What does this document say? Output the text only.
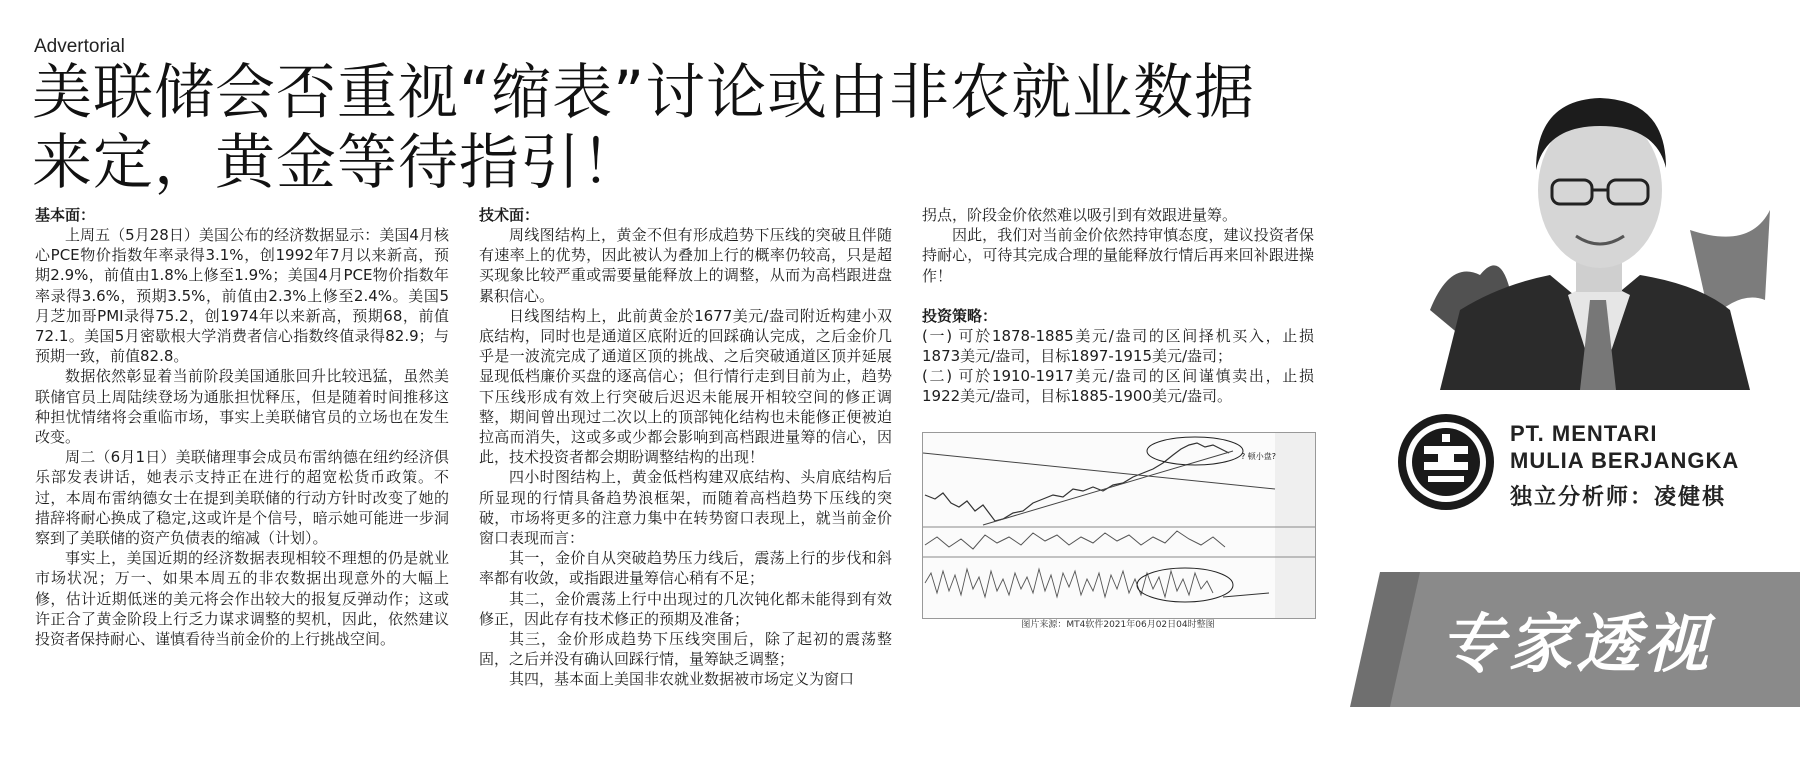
Advertorial
美联储会否重视“缩表”讨论或由非农就业数据
来定，黄金等待指引！
基本面：

上周五（5月28日）美国公布的经济数据显示：美国4月核心PCE物价指数年率录得3.1%，创1992年7月以来新高，预期2.9%，前值由1.8%上修至1.9%；美国4月PCE物价指数年率录得3.6%，预期3.5%，前值由2.3%上修至2.4%。美国5月芝加哥PMI录得75.2，创1974年以来新高，预期68，前值72.1。美国5月密歇根大学消费者信心指数终值录得82.9；与预期一致，前值82.8。

数据依然彰显着当前阶段美国通胀回升比较迅猛，虽然美联储官员上周陆续登场为通胀担忧释压，但是随着时间推移这种担忧情绪将会重临市场，事实上美联储官员的立场也在发生改变。

周二（6月1日）美联储理事会成员布雷纳德在纽约经济俱乐部发表讲话，她表示支持正在进行的超宽松货币政策。不过，本周布雷纳德女士在提到美联储的行动方针时改变了她的措辞将耐心换成了稳定,这或许是个信号，暗示她可能进一步洞察到了美联储的资产负债表的缩减（计划）。

事实上，美国近期的经济数据表现相较不理想的仍是就业市场状况；万一、如果本周五的非农数据出现意外的大幅上修，估计近期低迷的美元将会作出较大的报复反弹动作；这或许正合了黄金阶段上行乏力谋求调整的契机，因此，依然建议投资者保持耐心、谨慎看待当前金价的上行挑战空间。

技术面：

周线图结构上，黄金不但有形成趋势下压线的突破且伴随有速率上的优势，因此被认为叠加上行的概率仍较高，只是超买现象比较严重或需要量能释放上的调整，从而为高档跟进盘累积信心。

日线图结构上，此前黄金於1677美元/盎司附近构建小双底结构，同时也是通道区底附近的回踩确认完成，之后金价几乎是一波流完成了通道区顶的挑战、之后突破通道区顶并延展显现低档廉价买盘的逐高信心；但行情行走到目前为止，趋势下压线形成有效上行突破后迟迟未能展开相较空间的修正调整，期间曾出现过二次以上的顶部钝化结构也未能修正便被迫拉高而消失，这或多或少都会影响到高档跟进量筹的信心，因此，技术投资者都会期盼调整结构的出现！

四小时图结构上，黄金低档构建双底结构、头肩底结构后所显现的行情具备趋势浪框架，而随着高档趋势下压线的突破，市场将更多的注意力集中在转势窗口表现上，就当前金价窗口表现而言：

其一，金价自从突破趋势压力线后，震荡上行的步伐和斜率都有收敛，或指跟进量筹信心稍有不足；

其二，金价震荡上行中出现过的几次钝化都未能得到有效修正，因此存有技术修正的预期及准备；

其三，金价形成趋势下压线突围后，除了起初的震荡整固，之后并没有确认回踩行情，量筹缺乏调整；

其四，基本面上美国非农就业数据被市场定义为窗口

拐点，阶段金价依然难以吸引到有效跟进量筹。

因此，我们对当前金价依然持审慎态度，建议投资者保持耐心，可待其完成合理的量能释放行情后再来回补跟进操作！

投资策略：

(一) 可於1878-1885美元/盎司的区间择机买入，止损1873美元/盎司，目标1897-1915美元/盎司；

(二) 可於1910-1917美元/盎司的区间谨慎卖出，止损1922美元/盎司，目标1885-1900美元/盎司。

? 顿小盘?
图片来源：MT4软件2021年06月02日04时整图
PT. MENTARI
MULIA BERJANGKA
独立分析师：凌健棋
专家透视
